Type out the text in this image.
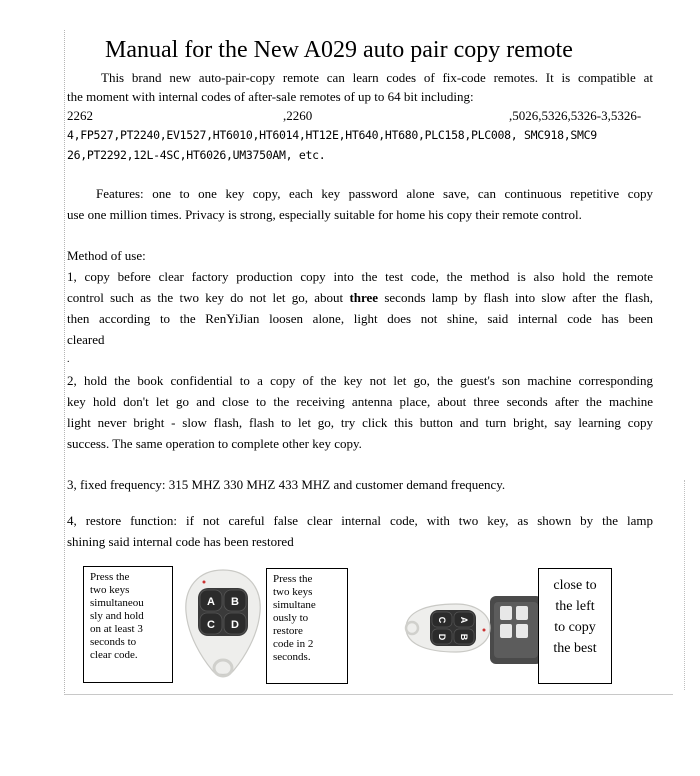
Manual for the New A029 auto pair copy remote

This brand new auto-pair-copy remote can learn codes of fix-code remotes. It is compatible at

the moment with internal codes of after-sale remotes of up to 64 bit including:

2262	,2260	,5026,5326,5326-3,5326-

4,FP527,PT2240,EV1527,HT6010,HT6014,HT12E,HT640,HT680,PLC158,PLC008, SMC918,SMC9

26,PT2292,12L-4SC,HT6026,UM3750AM, etc.

Features: one to one key copy, each key password alone save, can continuous repetitive copy

use one million times. Privacy is strong, especially suitable for home his copy their remote control.

Method of use:

1, copy before clear factory production copy into the test code, the method is also hold the remote

control such as the two key do not let go, about three seconds lamp by flash into slow after the flash,

then according to the RenYiJian loosen alone, light does not shine, said internal code has been

cleared

.

2, hold the book confidential to a copy of the key not let go, the guest's son machine corresponding

key hold don't let go and close to the receiving antenna place, about three seconds after the machine

light never bright - slow flash, flash to let go, try click this button and turn bright, say learning copy

success. The same operation to complete other key copy.

3, fixed frequency: 315 MHZ 330 MHZ 433 MHZ and customer demand frequency.

4, restore function: if not careful false clear internal code, with two key, as shown by the lamp

shining said internal code has been restored

A B
C D
Press the
two keys
simultaneou
sly and hold
on at least 3
seconds to
clear code.
Press the
two keys
simultane
ously to
restore
code in 2
seconds.
C A
D B
close to
the left
to copy
the best
